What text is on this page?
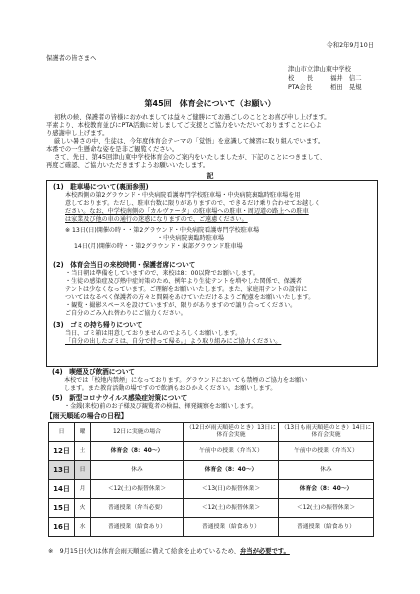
令和2年9月10日
保護者の皆さまへ
津山市立津山東中学校
校　　長	福井　信二
PTA会長	栢田　晃規
第45回　体育会について（お願い）
初秋の候、保護者の皆様におかれましては益々ご健勝にてお過ごしのこととお喜び申し上げます。
平素より、本校教育並びにPTA活動に対しましてご支援とご協力をいただいておりますことに心よ
り感謝申し上げます。
厳しい暑さの中、生徒は、今年度体育会テーマの「覚悟」を意識して練習に取り組んでいます。
本番での一生懸命な姿を是非ご観覧ください。
さて、先日、第45回津山東中学校体育会のご案内をいたしましたが、下記のことにつきまして、
再度ご確認、ご協力いただきますようお願いいたします。
記
(1)　駐車場について(裏面参照)
本校西側の第2グラウンド・中央病院看護専門学校駐車場・中央病院裏臨時駐車場を用
意しております。ただし、駐車台数に限りがありますので、できるだけ乗り合わせてお越しく
ださい。なお、中学校南側の「カルヴァータ」の駐車場への駐車・周辺道の路上への駐車
は家業及び他の車の通行の迷惑になりますので、ご遠慮ください。
※ 13日(日)開催の時・・第2グラウンド・中央病院看護専門学校駐車場
・中央病院裏臨時駐車場
14日(月)開催の時・・第2グラウンド・東部グラウンド駐車場
(2)　体育会当日の来校時間・保護者席について
・当日朝は準備をしていますので、来校は8：00以降でお願いします。
・生徒の感染症及び熱中症対策のため、例年より生徒テントを増やした関係で、保護者
テントは少なくなっています。ご理解をお願いいたします。また、家庭用テントの設営に
ついてはなるべく保護者の方々と間隔をあけていただけるようご配慮をお願いいたします。
・観覧・撮影スペースを設けていますが、限りがありますので譲り合ってください。
ご自分のごみ入れ替わりにご協力ください。
(3)　ゴミの持ち帰りについて
当日、ゴミ箱は用意しておりませんのでよろしくお願いします。
「自分の出したゴミは、自分で持って帰る。」よう取り組みにご協力ください。
(4)　喫煙及び飲酒について
本校では「校地内禁煙」になっております。グラウンドにおいても禁煙のご協力をお願い
します。また教育活動の場ですので飲酒もおひかえください。お願いします。
(5)　新型コロナウイルス感染症対策について
・金銭(来校)前のお子様及び観覧者の検温、揮発観察をお願いします。
【雨天順延の場合の日程】
日	曜	12日に実施の場合	（12日が雨天順延のとき）13日に体育会実施	（13日も雨天順延のとき）14日に体育会実施
12日	土	体育会（8：40～）	午前中の授業（弁当Ｘ）	午前中の授業（弁当Ｘ）
13日	日	休み	体育会（8：40～）	休み
14日	月	＜12(土)の振替休業＞	＜13(日)の振替休業＞	体育会（8：40～）
15日	火	普通授業（弁当必要）	＜12(土)の振替休業＞	＜12(土)の振替休業＞
16日	水	普通授業（給食あり）	普通授業（給食あり）	普通授業（給食あり）
※　9月15日(火)は体育会雨天順延に備えて給食を止めているため、弁当が必要です。
